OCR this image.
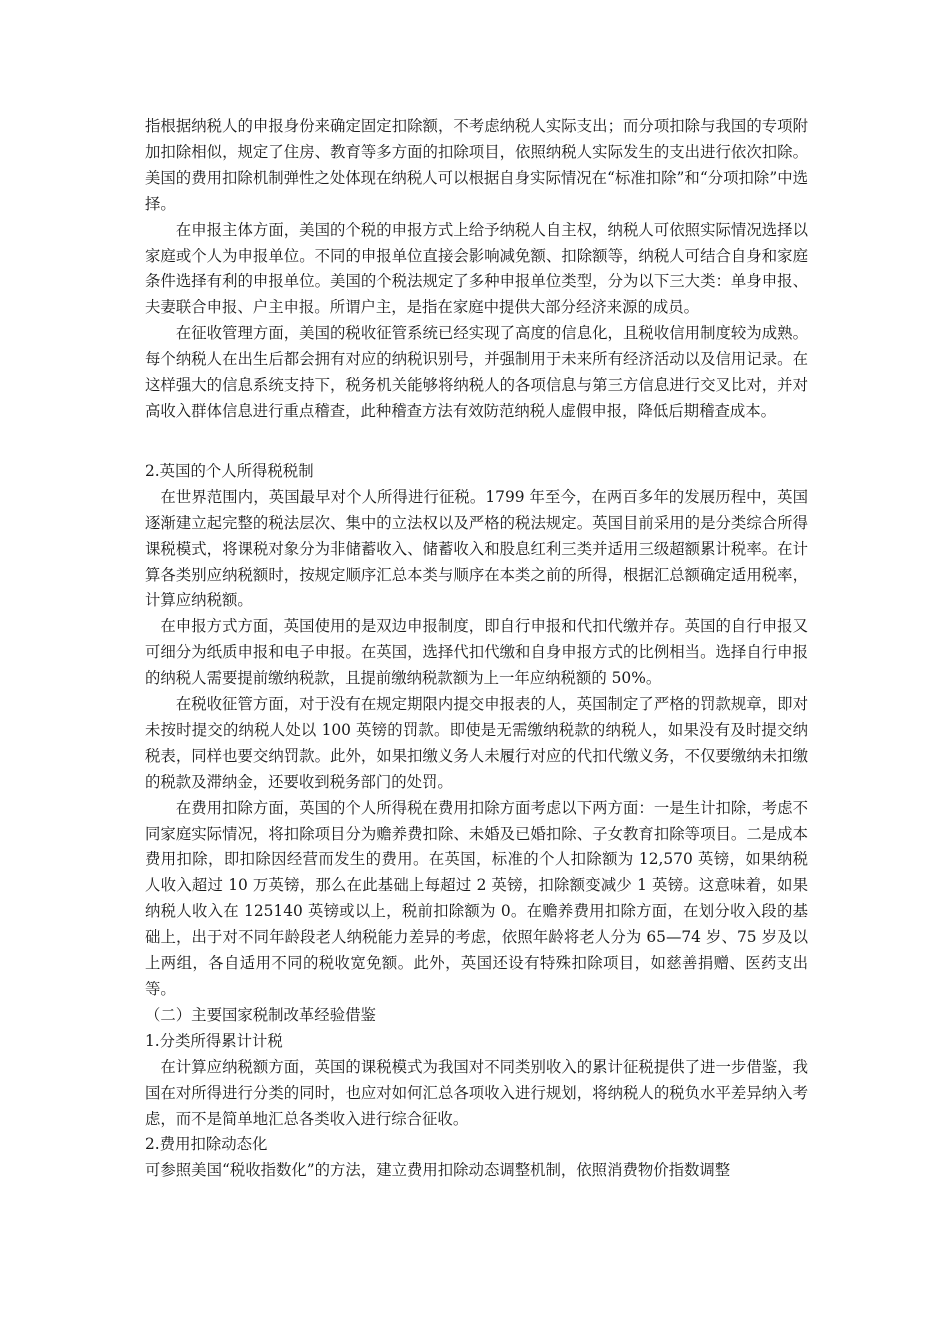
指根据纳税人的申报身份来确定固定扣除额，不考虑纳税人实际支出；而分项扣除与我国的专项附加扣除相似，规定了住房、教育等多方面的扣除项目，依照纳税人实际发生的支出进行依次扣除。美国的费用扣除机制弹性之处体现在纳税人可以根据自身实际情况在“标准扣除”和“分项扣除”中选择。

在申报主体方面，美国的个税的申报方式上给予纳税人自主权，纳税人可依照实际情况选择以家庭或个人为申报单位。不同的申报单位直接会影响减免额、扣除额等，纳税人可结合自身和家庭条件选择有利的申报单位。美国的个税法规定了多种申报单位类型，分为以下三大类：单身申报、夫妻联合申报、户主申报。所谓户主，是指在家庭中提供大部分经济来源的成员。

在征收管理方面，美国的税收征管系统已经实现了高度的信息化，且税收信用制度较为成熟。每个纳税人在出生后都会拥有对应的纳税识别号，并强制用于未来所有经济活动以及信用记录。在这样强大的信息系统支持下，税务机关能够将纳税人的各项信息与第三方信息进行交叉比对，并对高收入群体信息进行重点稽查，此种稽查方法有效防范纳税人虚假申报，降低后期稽查成本。

2.英国的个人所得税税制

在世界范围内，英国最早对个人所得进行征税。1799 年至今，在两百多年的发展历程中，英国逐渐建立起完整的税法层次、集中的立法权以及严格的税法规定。英国目前采用的是分类综合所得课税模式，将课税对象分为非储蓄收入、储蓄收入和股息红利三类并适用三级超额累计税率。在计算各类别应纳税额时，按规定顺序汇总本类与顺序在本类之前的所得，根据汇总额确定适用税率，计算应纳税额。

在申报方式方面，英国使用的是双边申报制度，即自行申报和代扣代缴并存。英国的自行申报又可细分为纸质申报和电子申报。在英国，选择代扣代缴和自身申报方式的比例相当。选择自行申报的纳税人需要提前缴纳税款，且提前缴纳税款额为上一年应纳税额的 50%。

在税收征管方面，对于没有在规定期限内提交申报表的人，英国制定了严格的罚款规章，即对未按时提交的纳税人处以 100 英镑的罚款。即使是无需缴纳税款的纳税人，如果没有及时提交纳税表，同样也要交纳罚款。此外，如果扣缴义务人未履行对应的代扣代缴义务，不仅要缴纳未扣缴的税款及滞纳金，还要收到税务部门的处罚。

在费用扣除方面，英国的个人所得税在费用扣除方面考虑以下两方面：一是生计扣除，考虑不同家庭实际情况，将扣除项目分为赡养费扣除、未婚及已婚扣除、子女教育扣除等项目。二是成本费用扣除，即扣除因经营而发生的费用。在英国，标准的个人扣除额为 12,570 英镑，如果纳税人收入超过 10 万英镑，那么在此基础上每超过 2 英镑，扣除额变减少 1 英镑。这意味着，如果纳税人收入在 125140 英镑或以上，税前扣除额为 0。在赡养费用扣除方面，在划分收入段的基础上，出于对不同年龄段老人纳税能力差异的考虑，依照年龄将老人分为 65—74 岁、75 岁及以上两组，各自适用不同的税收宽免额。此外，英国还设有特殊扣除项目，如慈善捐赠、医药支出等。

（二）主要国家税制改革经验借鉴

1.分类所得累计计税

在计算应纳税额方面，英国的课税模式为我国对不同类别收入的累计征税提供了进一步借鉴，我国在对所得进行分类的同时，也应对如何汇总各项收入进行规划，将纳税人的税负水平差异纳入考虑，而不是简单地汇总各类收入进行综合征收。

2.费用扣除动态化

可参照美国“税收指数化”的方法，建立费用扣除动态调整机制，依照消费物价指数调整
